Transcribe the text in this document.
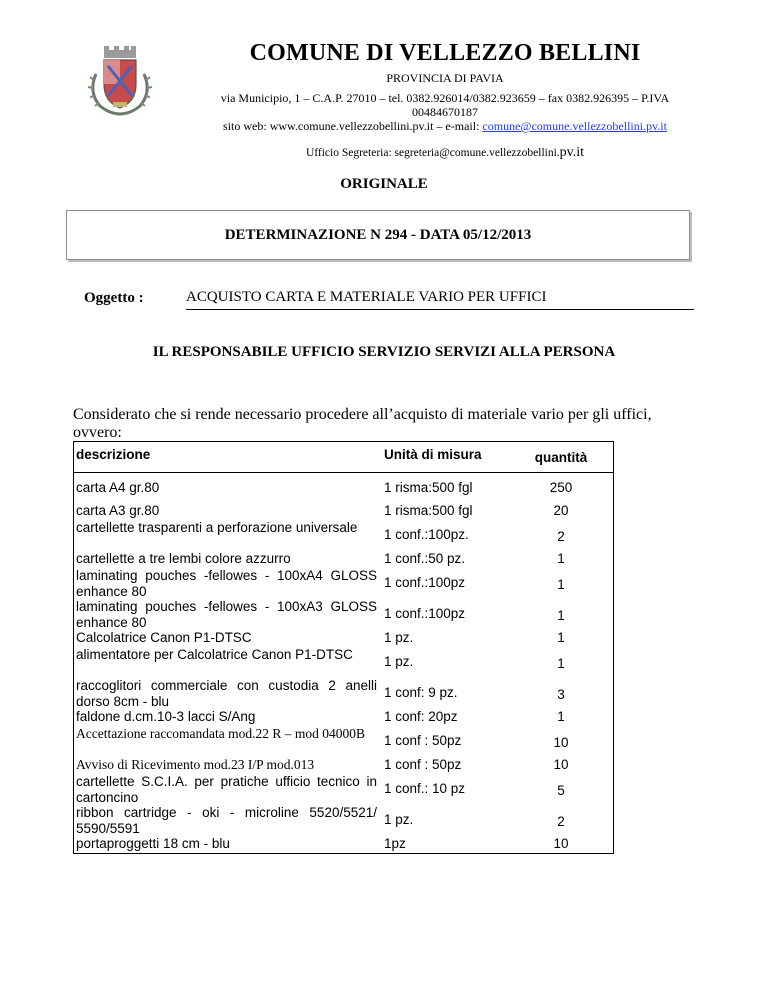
COMUNE DI VELLEZZO BELLINI
PROVINCIA DI PAVIA
via Municipio, 1 – C.A.P. 27010 – tel. 0382.926014/0382.923659 – fax 0382.926395 – P.IVA
00484670187
sito web: www.comune.vellezzobellini.pv.it – e-mail: comune@comune.vellezzobellini.pv.it
Ufficio Segreteria: segreteria@comune.vellezzobellini.pv.it
ORIGINALE
DETERMINAZIONE N 294 - DATA 05/12/2013
Oggetto :	ACQUISTO CARTA E MATERIALE VARIO PER UFFICI
IL RESPONSABILE UFFICIO SERVIZIO SERVIZI ALLA PERSONA
Considerato che si rende necessario procedere all’acquisto di materiale vario per gli uffici, ovvero:
descrizione	Unità di misura	quantità
carta A4 gr.80	1 risma:500 fgl	250
carta A3 gr.80	1 risma:500 fgl	20
cartellette trasparenti a perforazione universale	1 conf.:100pz.	2
cartellette a tre lembi colore azzurro	1 conf.:50 pz.	1
laminating pouches -fellowes - 100xA4 GLOSS enhance 80
1 conf.:100pz	1
laminating pouches -fellowes - 100xA3 GLOSS enhance 80
1 conf.:100pz	1
Calcolatrice Canon P1-DTSC	1 pz.	1
alimentatore per Calcolatrice Canon P1-DTSC	1 pz.	1
raccoglitori commerciale con custodia 2 anelli dorso 8cm - blu
1 conf: 9 pz.	3
faldone d.cm.10-3 lacci S/Ang	1 conf: 20pz	1
Accettazione raccomandata mod.22 R – mod 04000B	1 conf : 50pz	10
Avviso di Ricevimento mod.23 I/P mod.013	1 conf : 50pz	10
cartellette S.C.I.A. per pratiche ufficio tecnico in cartoncino
1 conf.: 10 pz	5
ribbon cartridge - oki - microline 5520/5521/ 5590/5591
1 pz.	2
portaproggetti 18 cm - blu	1pz	10
